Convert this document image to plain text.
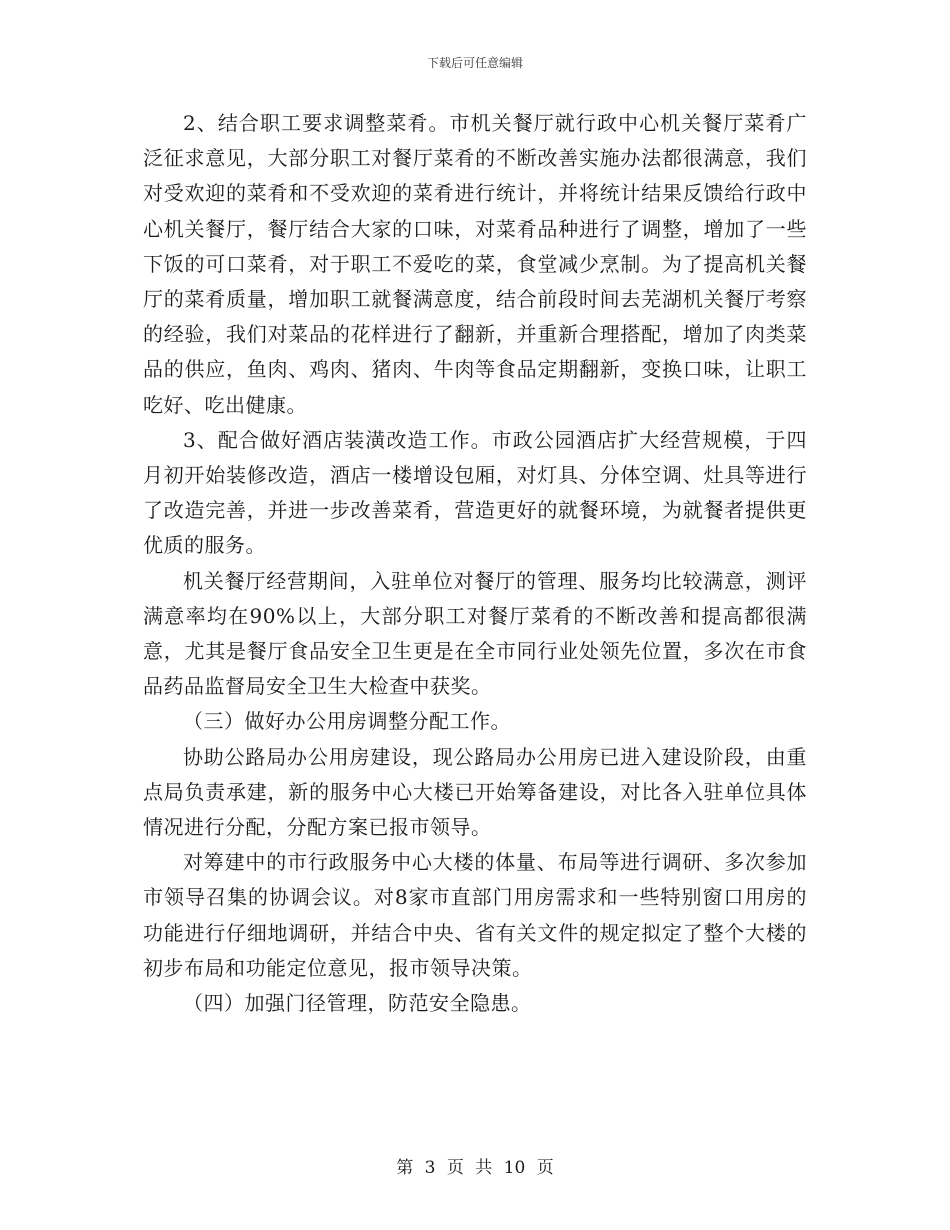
下载后可任意编辑

2、结合职工要求调整菜肴。市机关餐厅就行政中心机关餐厅菜肴广泛征求意见，大部分职工对餐厅菜肴的不断改善实施办法都很满意，我们对受欢迎的菜肴和不受欢迎的菜肴进行统计，并将统计结果反馈给行政中心机关餐厅，餐厅结合大家的口味，对菜肴品种进行了调整，增加了一些下饭的可口菜肴，对于职工不爱吃的菜，食堂减少烹制。为了提高机关餐厅的菜肴质量，增加职工就餐满意度，结合前段时间去芜湖机关餐厅考察的经验，我们对菜品的花样进行了翻新，并重新合理搭配，增加了肉类菜品的供应，鱼肉、鸡肉、猪肉、牛肉等食品定期翻新，变换口味，让职工吃好、吃出健康。

3、配合做好酒店装潢改造工作。市政公园酒店扩大经营规模，于四月初开始装修改造，酒店一楼增设包厢，对灯具、分体空调、灶具等进行了改造完善，并进一步改善菜肴，营造更好的就餐环境，为就餐者提供更优质的服务。

机关餐厅经营期间，入驻单位对餐厅的管理、服务均比较满意，测评满意率均在90%以上，大部分职工对餐厅菜肴的不断改善和提高都很满意，尤其是餐厅食品安全卫生更是在全市同行业处领先位置，多次在市食品药品监督局安全卫生大检查中获奖。

（三）做好办公用房调整分配工作。

协助公路局办公用房建设，现公路局办公用房已进入建设阶段，由重点局负责承建，新的服务中心大楼已开始筹备建设，对比各入驻单位具体情况进行分配，分配方案已报市领导。

对筹建中的市行政服务中心大楼的体量、布局等进行调研、多次参加市领导召集的协调会议。对8家市直部门用房需求和一些特别窗口用房的功能进行仔细地调研，并结合中央、省有关文件的规定拟定了整个大楼的初步布局和功能定位意见，报市领导决策。

（四）加强门径管理，防范安全隐患。

第 3 页 共 10 页
